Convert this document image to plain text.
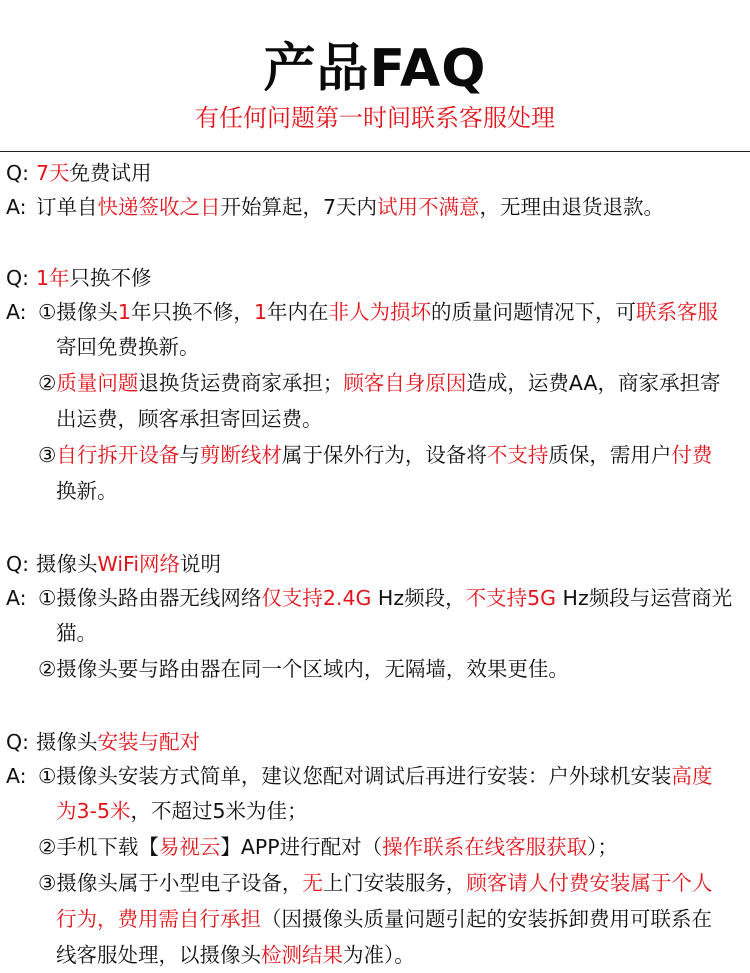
产品FAQ
有任何问题第一时间联系客服处理
Q: 7天免费试用
A: 订单自快递签收之日开始算起，7天内试用不满意，无理由退货退款。
Q: 1年只换不修
A: ①摄像头1年只换不修，1年内在非人为损坏的质量问题情况下，可联系客服
寄回免费换新。
②质量问题退换货运费商家承担；顾客自身原因造成，运费AA，商家承担寄
出运费，顾客承担寄回运费。
③自行拆开设备与剪断线材属于保外行为，设备将不支持质保，需用户付费
换新。
Q: 摄像头WiFi网络说明
A: ①摄像头路由器无线网络仅支持2.4G Hz频段，不支持5G Hz频段与运营商光
猫。
②摄像头要与路由器在同一个区域内，无隔墙，效果更佳。
Q: 摄像头安装与配对
A: ①摄像头安装方式简单，建议您配对调试后再进行安装：户外球机安装高度
为3-5米，不超过5米为佳；
②手机下载【易视云】APP进行配对（操作联系在线客服获取）；
③摄像头属于小型电子设备，无上门安装服务，顾客请人付费安装属于个人
行为，费用需自行承担（因摄像头质量问题引起的安装拆卸费用可联系在
线客服处理，以摄像头检测结果为准）。
